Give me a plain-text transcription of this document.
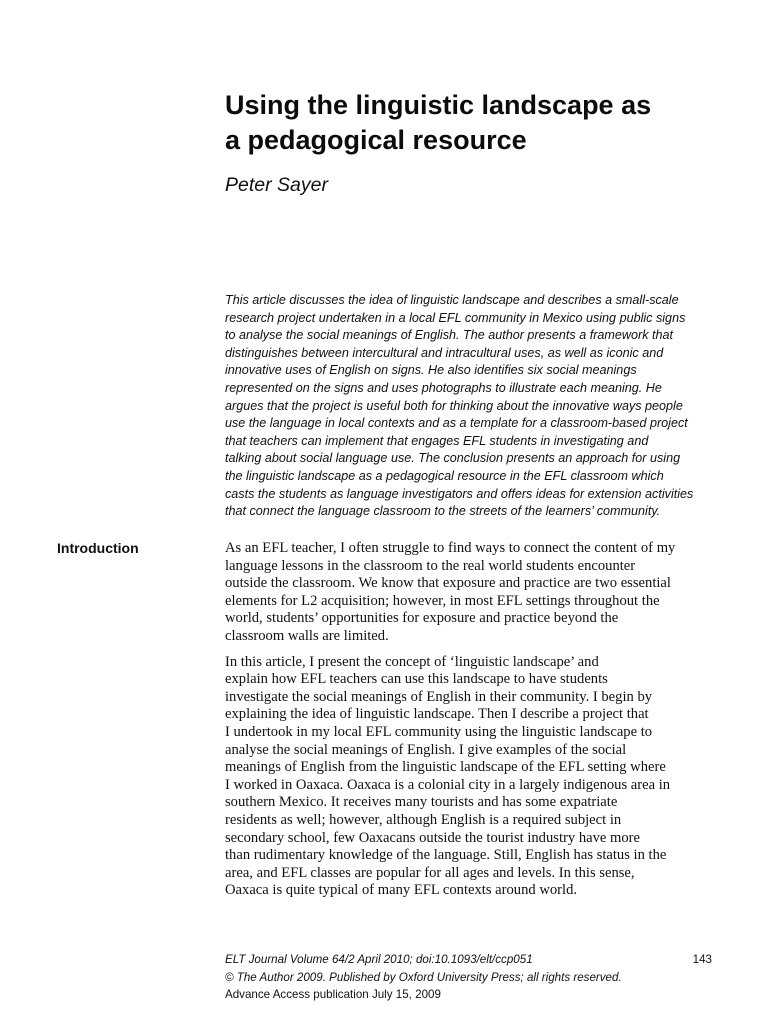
Using the linguistic landscape as
a pedagogical resource

Peter Sayer

This article discusses the idea of linguistic landscape and describes a small-scale
research project undertaken in a local EFL community in Mexico using public signs
to analyse the social meanings of English. The author presents a framework that
distinguishes between intercultural and intracultural uses, as well as iconic and
innovative uses of English on signs. He also identifies six social meanings
represented on the signs and uses photographs to illustrate each meaning. He
argues that the project is useful both for thinking about the innovative ways people
use the language in local contexts and as a template for a classroom-based project
that teachers can implement that engages EFL students in investigating and
talking about social language use. The conclusion presents an approach for using
the linguistic landscape as a pedagogical resource in the EFL classroom which
casts the students as language investigators and offers ideas for extension activities
that connect the language classroom to the streets of the learners’ community.
Introduction	As an EFL teacher, I often struggle to find ways to connect the content of my
language lessons in the classroom to the real world students encounter
outside the classroom. We know that exposure and practice are two essential
elements for L2 acquisition; however, in most EFL settings throughout the
world, students’ opportunities for exposure and practice beyond the
classroom walls are limited.

In this article, I present the concept of ‘linguistic landscape’ and
explain how EFL teachers can use this landscape to have students
investigate the social meanings of English in their community. I begin by
explaining the idea of linguistic landscape. Then I describe a project that
I undertook in my local EFL community using the linguistic landscape to
analyse the social meanings of English. I give examples of the social
meanings of English from the linguistic landscape of the EFL setting where
I worked in Oaxaca. Oaxaca is a colonial city in a largely indigenous area in
southern Mexico. It receives many tourists and has some expatriate
residents as well; however, although English is a required subject in
secondary school, few Oaxacans outside the tourist industry have more
than rudimentary knowledge of the language. Still, English has status in the
area, and EFL classes are popular for all ages and levels. In this sense,
Oaxaca is quite typical of many EFL contexts around world.

ELT Journal Volume 64/2 April 2010; doi:10.1093/elt/ccp051
© The Author 2009. Published by Oxford University Press; all rights reserved.
Advance Access publication July 15, 2009
143
